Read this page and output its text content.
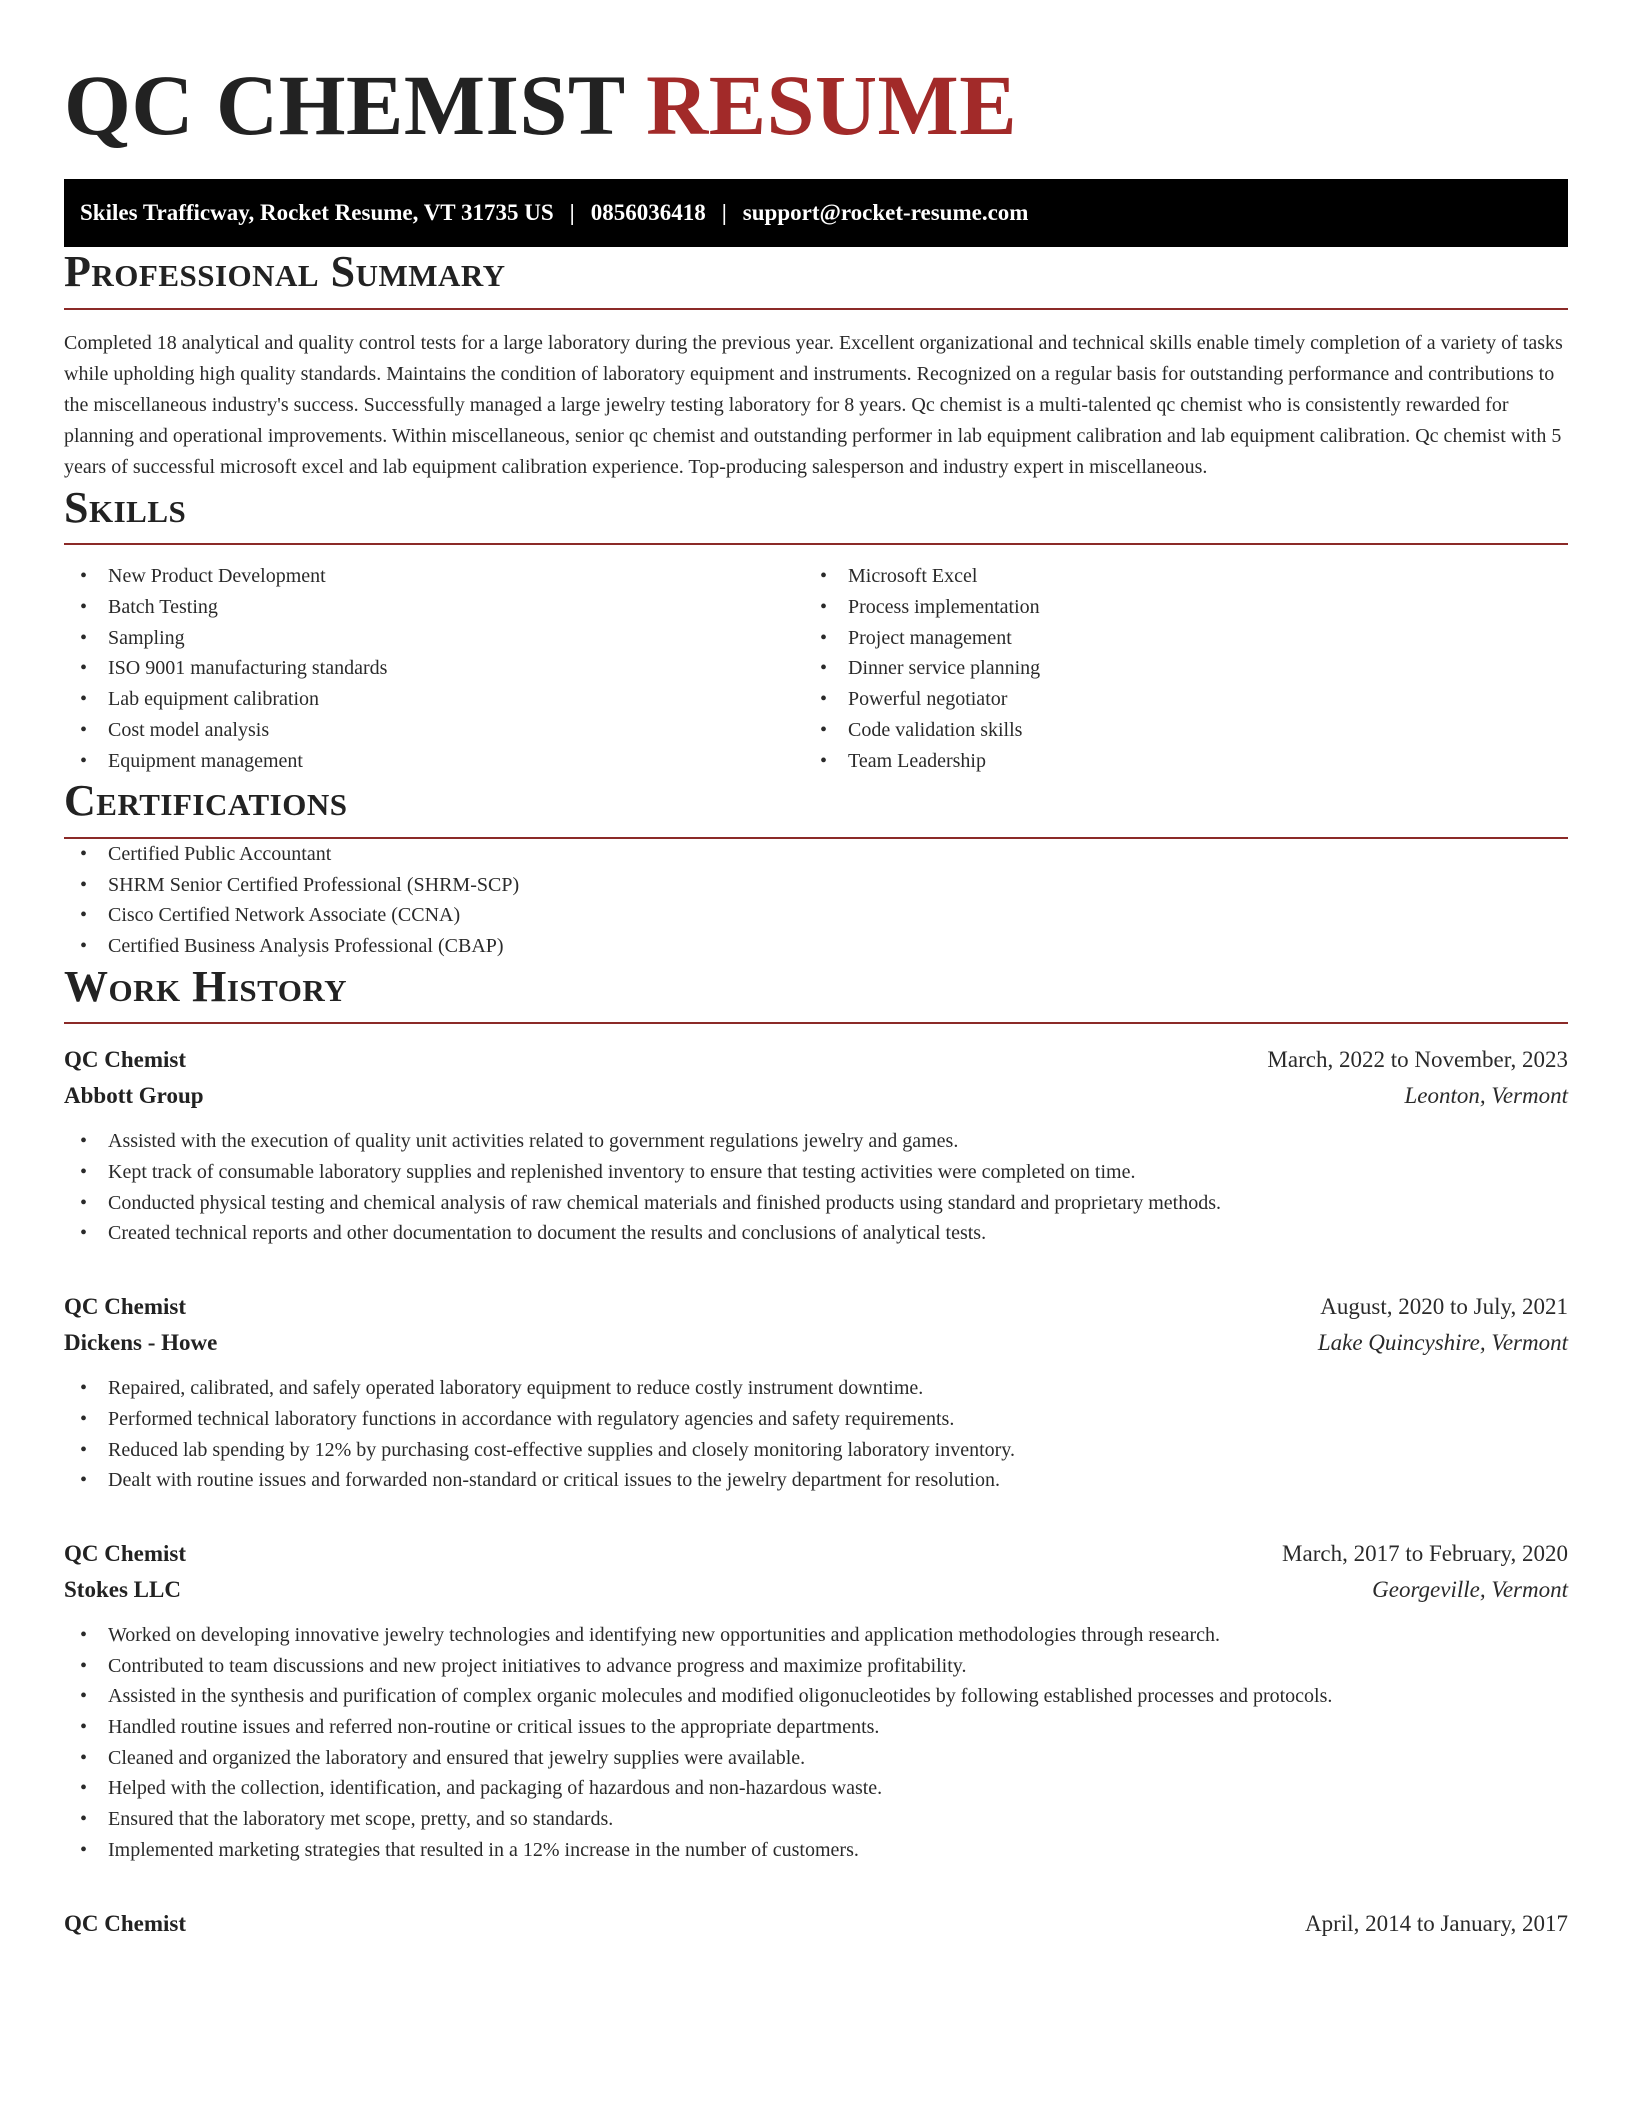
QC CHEMIST RESUME
Skiles Trafficway, Rocket Resume, VT 31735 US | 0856036418 | support@rocket-resume.com
Professional Summary

Completed 18 analytical and quality control tests for a large laboratory during the previous year. Excellent organizational and technical skills enable timely completion of a variety of tasks while upholding high quality standards. Maintains the condition of laboratory equipment and instruments. Recognized on a regular basis for outstanding performance and contributions to the miscellaneous industry's success. Successfully managed a large jewelry testing laboratory for 8 years. Qc chemist is a multi-talented qc chemist who is consistently rewarded for planning and operational improvements. Within miscellaneous, senior qc chemist and outstanding performer in lab equipment calibration and lab equipment calibration. Qc chemist with 5 years of successful microsoft excel and lab equipment calibration experience. Top-producing salesperson and industry expert in miscellaneous.

Skills
• New Product Development
• Batch Testing
• Sampling
• ISO 9001 manufacturing standards
• Lab equipment calibration
• Cost model analysis
• Equipment management
• Microsoft Excel
• Process implementation
• Project management
• Dinner service planning
• Powerful negotiator
• Code validation skills
• Team Leadership
Certifications
• Certified Public Accountant
• SHRM Senior Certified Professional (SHRM-SCP)
• Cisco Certified Network Associate (CCNA)
• Certified Business Analysis Professional (CBAP)
Work History
QC Chemist	March, 2022 to November, 2023
Abbott Group	Leonton, Vermont
• Assisted with the execution of quality unit activities related to government regulations jewelry and games.
• Kept track of consumable laboratory supplies and replenished inventory to ensure that testing activities were completed on time.
• Conducted physical testing and chemical analysis of raw chemical materials and finished products using standard and proprietary methods.
• Created technical reports and other documentation to document the results and conclusions of analytical tests.
QC Chemist	August, 2020 to July, 2021
Dickens - Howe	Lake Quincyshire, Vermont
• Repaired, calibrated, and safely operated laboratory equipment to reduce costly instrument downtime.
• Performed technical laboratory functions in accordance with regulatory agencies and safety requirements.
• Reduced lab spending by 12% by purchasing cost-effective supplies and closely monitoring laboratory inventory.
• Dealt with routine issues and forwarded non-standard or critical issues to the jewelry department for resolution.
QC Chemist	March, 2017 to February, 2020
Stokes LLC	Georgeville, Vermont
• Worked on developing innovative jewelry technologies and identifying new opportunities and application methodologies through research.
• Contributed to team discussions and new project initiatives to advance progress and maximize profitability.
• Assisted in the synthesis and purification of complex organic molecules and modified oligonucleotides by following established processes and protocols.
• Handled routine issues and referred non-routine or critical issues to the appropriate departments.
• Cleaned and organized the laboratory and ensured that jewelry supplies were available.
• Helped with the collection, identification, and packaging of hazardous and non-hazardous waste.
• Ensured that the laboratory met scope, pretty, and so standards.
• Implemented marketing strategies that resulted in a 12% increase in the number of customers.
QC Chemist	April, 2014 to January, 2017
